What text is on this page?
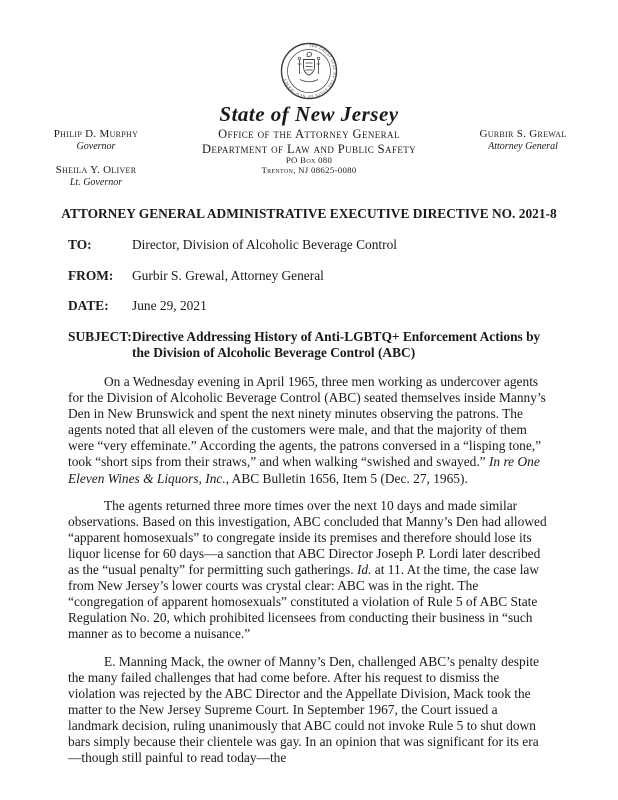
THE GREAT SEAL OF THE STATE OF NEW JERSEY
Philip D. Murphy
Governor
Sheila Y. Oliver
Lt. Governor
State of New Jersey
Office of the Attorney General
Department of Law and Public Safety
PO Box 080
Trenton, NJ 08625-0080
Gurbir S. Grewal
Attorney General
ATTORNEY GENERAL ADMINISTRATIVE EXECUTIVE DIRECTIVE NO. 2021-8
TO:	Director, Division of Alcoholic Beverage Control
FROM:	Gurbir S. Grewal, Attorney General
DATE:	June 29, 2021
SUBJECT: Directive Addressing History of Anti-LGBTQ+ Enforcement Actions by the Division of Alcoholic Beverage Control (ABC)

On a Wednesday evening in April 1965, three men working as undercover agents for the Division of Alcoholic Beverage Control (ABC) seated themselves inside Manny’s Den in New Brunswick and spent the next ninety minutes observing the patrons. The agents noted that all eleven of the customers were male, and that the majority of them were “very effeminate.” According the agents, the patrons conversed in a “lisping tone,” took “short sips from their straws,” and when walking “swished and swayed.” In re One Eleven Wines & Liquors, Inc., ABC Bulletin 1656, Item 5 (Dec. 27, 1965).

The agents returned three more times over the next 10 days and made similar observations. Based on this investigation, ABC concluded that Manny’s Den had allowed “apparent homosexuals” to congregate inside its premises and therefore should lose its liquor license for 60 days—a sanction that ABC Director Joseph P. Lordi later described as the “usual penalty” for permitting such gatherings. Id. at 11. At the time, the case law from New Jersey’s lower courts was crystal clear: ABC was in the right. The “congregation of apparent homosexuals” constituted a violation of Rule 5 of ABC State Regulation No. 20, which prohibited licensees from conducting their business in “such manner as to become a nuisance.”

E. Manning Mack, the owner of Manny’s Den, challenged ABC’s penalty despite the many failed challenges that had come before. After his request to dismiss the violation was rejected by the ABC Director and the Appellate Division, Mack took the matter to the New Jersey Supreme Court. In September 1967, the Court issued a landmark decision, ruling unanimously that ABC could not invoke Rule 5 to shut down bars simply because their clientele was gay. In an opinion that was significant for its era—though still painful to read today—the
